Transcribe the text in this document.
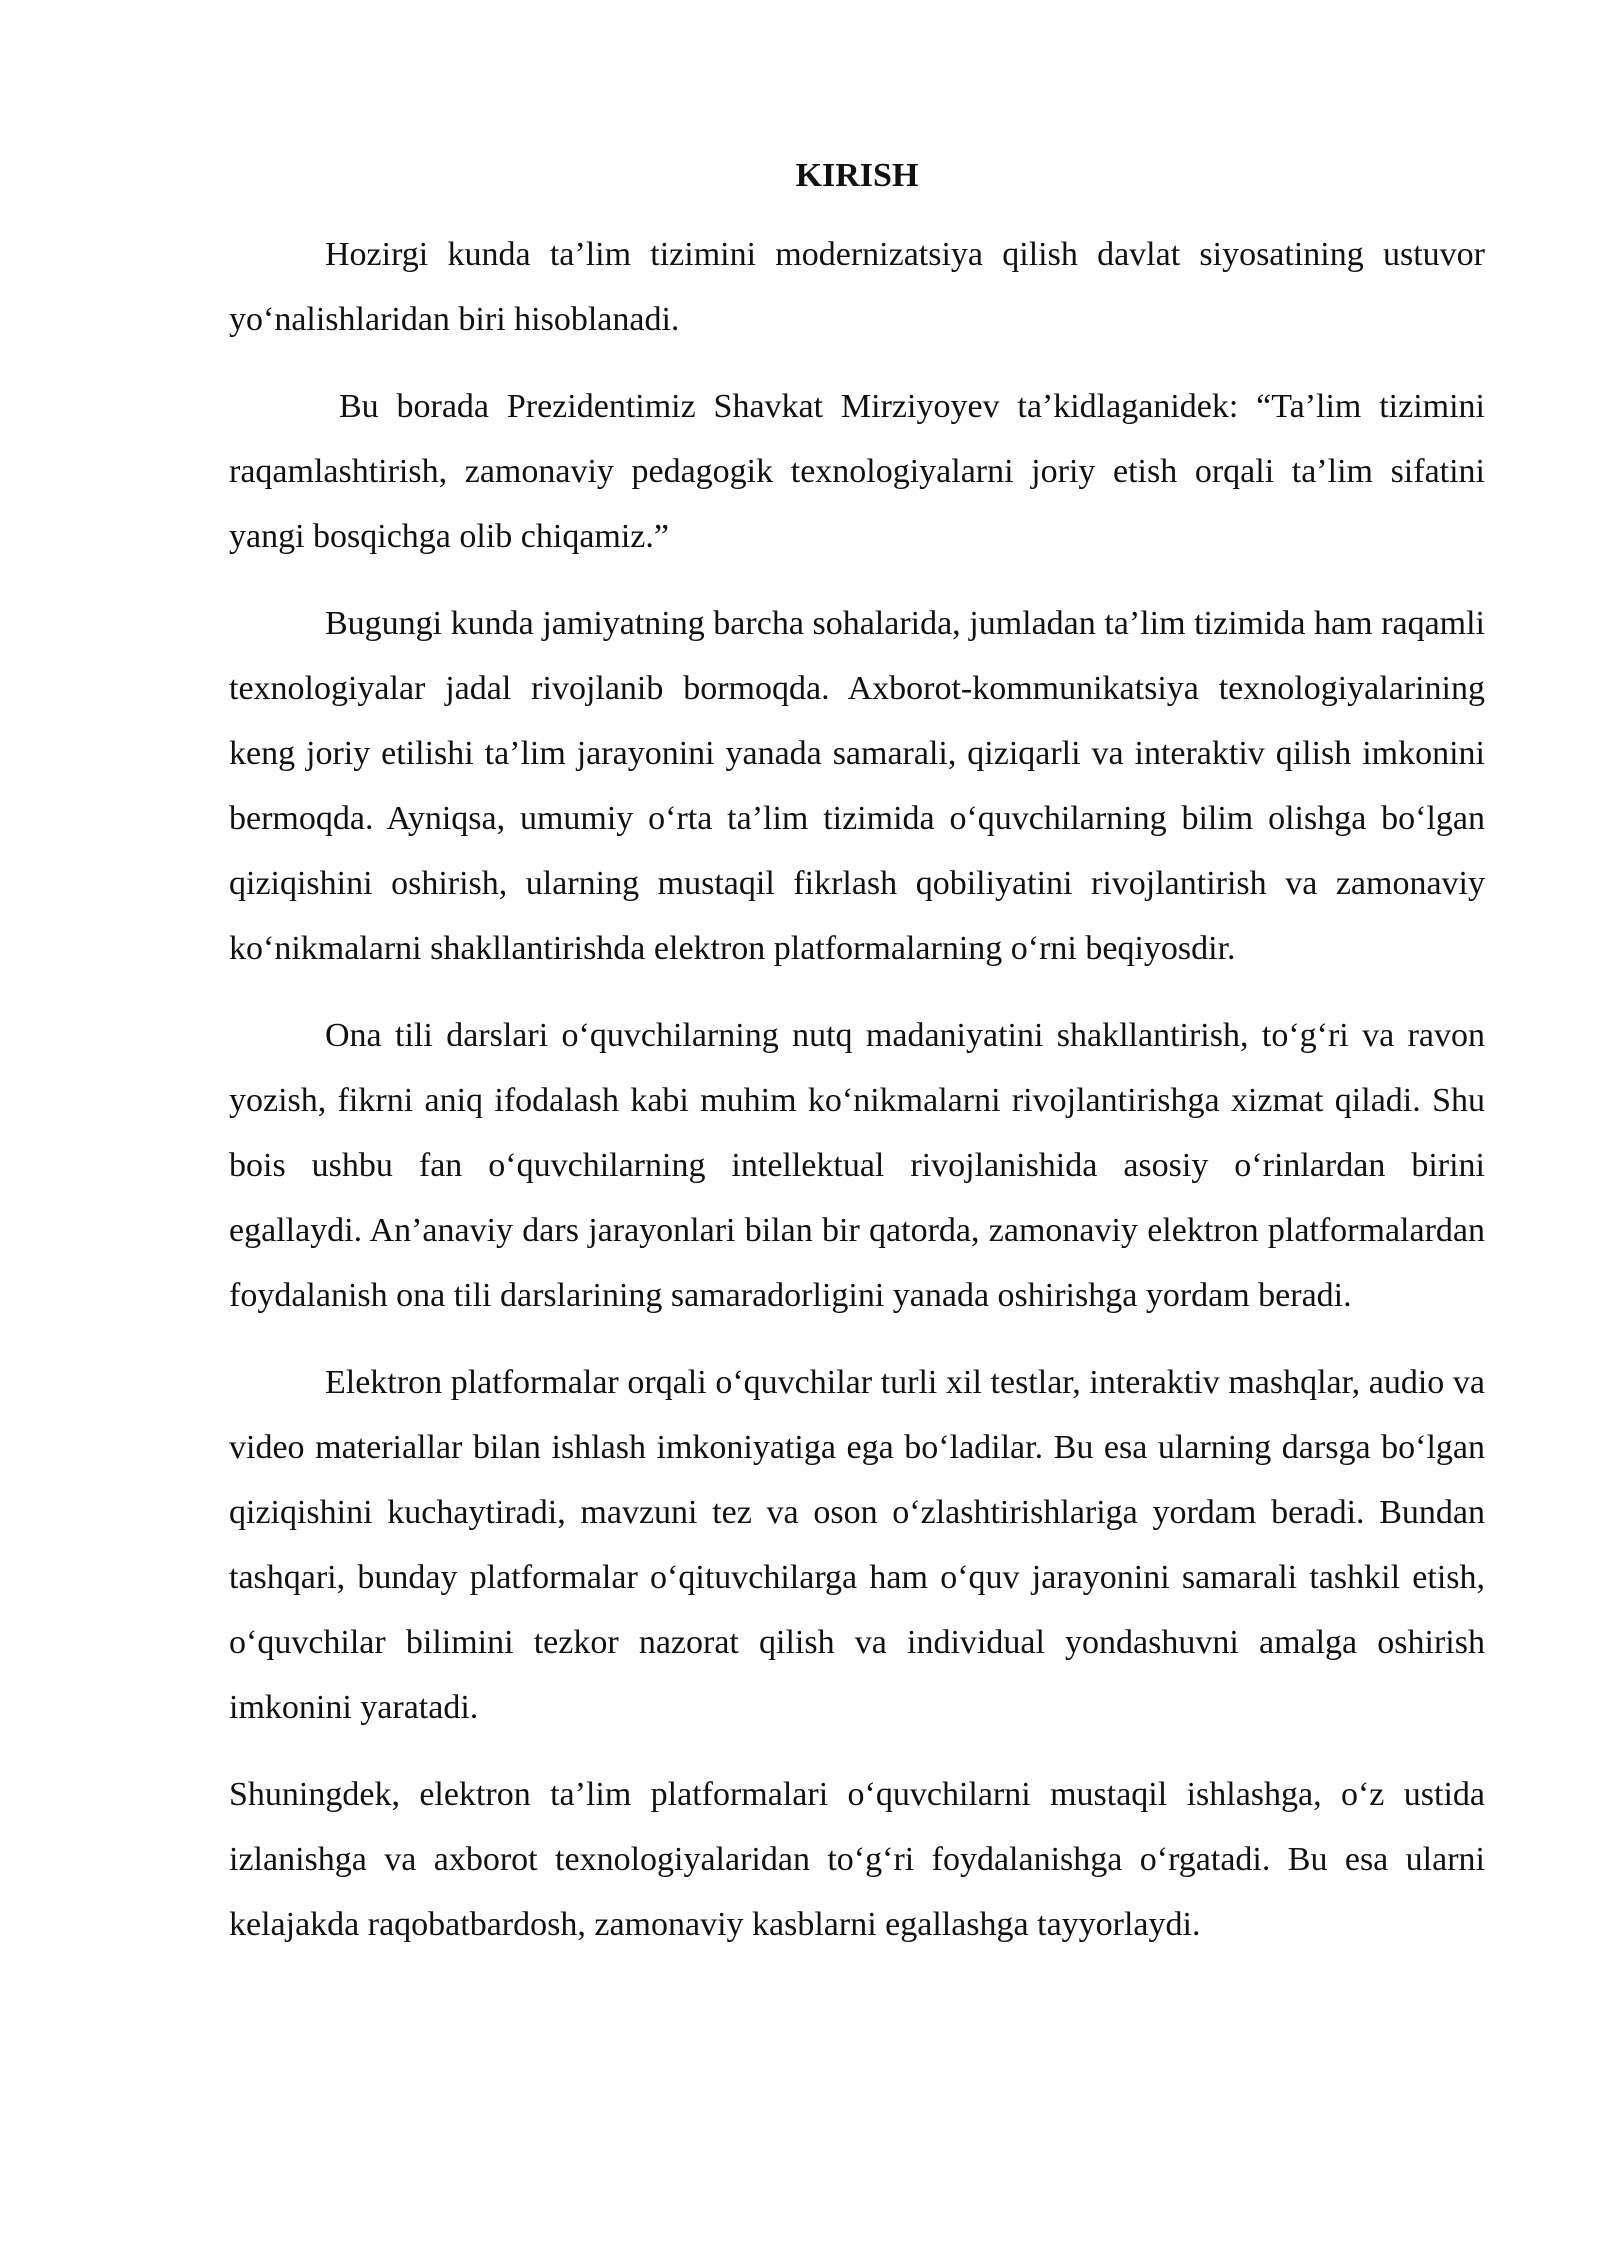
KIRISH

Hozirgi kunda ta’lim tizimini modernizatsiya qilish davlat siyosatining ustuvor yo‘nalishlaridan biri hisoblanadi.

Bu borada Prezidentimiz Shavkat Mirziyoyev ta’kidlaganidek: “Ta’lim tizimini raqamlashtirish, zamonaviy pedagogik texnologiyalarni joriy etish orqali ta’lim sifatini yangi bosqichga olib chiqamiz.”

Bugungi kunda jamiyatning barcha sohalarida, jumladan ta’lim tizimida ham raqamli texnologiyalar jadal rivojlanib bormoqda. Axborot-kommunikatsiya texnologiyalarining keng joriy etilishi ta’lim jarayonini yanada samarali, qiziqarli va interaktiv qilish imkonini bermoqda. Ayniqsa, umumiy o‘rta ta’lim tizimida o‘quvchilarning bilim olishga bo‘lgan qiziqishini oshirish, ularning mustaqil fikrlash qobiliyatini rivojlantirish va zamonaviy ko‘nikmalarni shakllantirishda elektron platformalarning o‘rni beqiyosdir.

Ona tili darslari o‘quvchilarning nutq madaniyatini shakllantirish, to‘g‘ri va ravon yozish, fikrni aniq ifodalash kabi muhim ko‘nikmalarni rivojlantirishga xizmat qiladi. Shu bois ushbu fan o‘quvchilarning intellektual rivojlanishida asosiy o‘rinlardan birini egallaydi. An’anaviy dars jarayonlari bilan bir qatorda, zamonaviy elektron platformalardan foydalanish ona tili darslarining samaradorligini yanada oshirishga yordam beradi.

Elektron platformalar orqali o‘quvchilar turli xil testlar, interaktiv mashqlar, audio va video materiallar bilan ishlash imkoniyatiga ega bo‘ladilar. Bu esa ularning darsga bo‘lgan qiziqishini kuchaytiradi, mavzuni tez va oson o‘zlashtirishlariga yordam beradi. Bundan tashqari, bunday platformalar o‘qituvchilarga ham o‘quv jarayonini samarali tashkil etish, o‘quvchilar bilimini tezkor nazorat qilish va individual yondashuvni amalga oshirish imkonini yaratadi.

Shuningdek, elektron ta’lim platformalari o‘quvchilarni mustaqil ishlashga, o‘z ustida izlanishga va axborot texnologiyalaridan to‘g‘ri foydalanishga o‘rgatadi. Bu esa ularni kelajakda raqobatbardosh, zamonaviy kasblarni egallashga tayyorlaydi.
